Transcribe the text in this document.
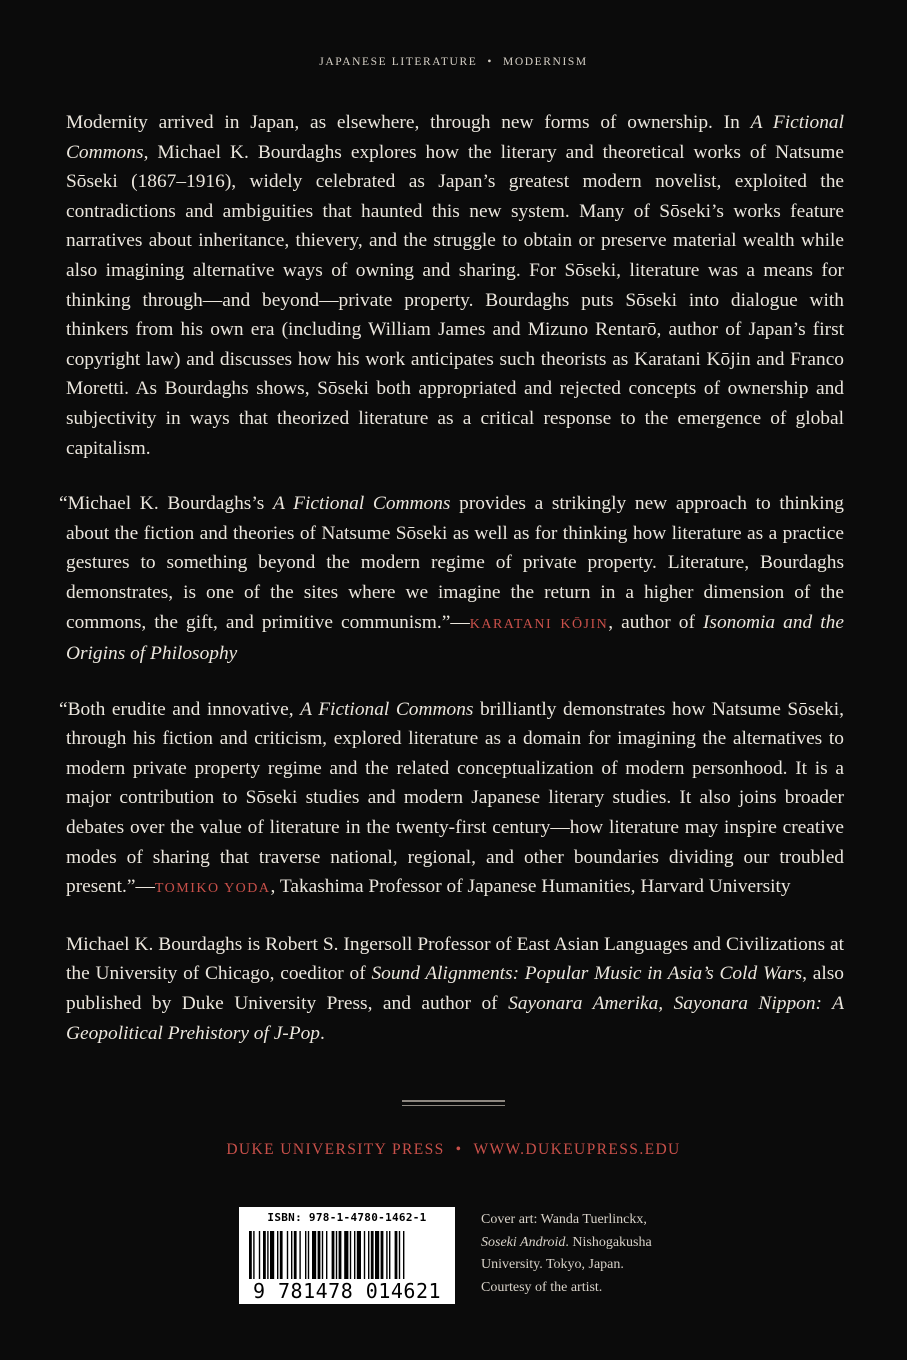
JAPANESE LITERATURE • MODERNISM

Modernity arrived in Japan, as elsewhere, through new forms of ownership. In A Fictional Commons, Michael K. Bourdaghs explores how the literary and theoretical works of Natsume Sōseki (1867–1916), widely celebrated as Japan’s greatest modern novelist, exploited the contradictions and ambiguities that haunted this new system. Many of Sōseki’s works feature narratives about inheritance, thievery, and the struggle to obtain or preserve material wealth while also imagining alternative ways of owning and sharing. For Sōseki, literature was a means for thinking through—and beyond—private property. Bourdaghs puts Sōseki into dialogue with thinkers from his own era (including William James and Mizuno Rentarō, author of Japan’s first copyright law) and discusses how his work anticipates such theorists as Karatani Kōjin and Franco Moretti. As Bourdaghs shows, Sōseki both appropriated and rejected concepts of ownership and subjectivity in ways that theorized literature as a critical response to the emergence of global capitalism.

“Michael K. Bourdaghs’s A Fictional Commons provides a strikingly new approach to thinking about the fiction and theories of Natsume Sōseki as well as for thinking how literature as a practice gestures to something beyond the modern regime of private property. Literature, Bourdaghs demonstrates, is one of the sites where we imagine the return in a higher dimension of the commons, the gift, and primitive communism.”—KARATANI KŌJIN, author of Isonomia and the Origins of Philosophy

“Both erudite and innovative, A Fictional Commons brilliantly demonstrates how Natsume Sōseki, through his fiction and criticism, explored literature as a domain for imagining the alternatives to modern private property regime and the related conceptualization of modern personhood. It is a major contribution to Sōseki studies and modern Japanese literary studies. It also joins broader debates over the value of literature in the twenty-first century—how literature may inspire creative modes of sharing that traverse national, regional, and other boundaries dividing our troubled present.”—TOMIKO YODA, Takashima Professor of Japanese Humanities, Harvard University

Michael K. Bourdaghs is Robert S. Ingersoll Professor of East Asian Languages and Civilizations at the University of Chicago, coeditor of Sound Alignments: Popular Music in Asia’s Cold Wars, also published by Duke University Press, and author of Sayonara Amerika, Sayonara Nippon: A Geopolitical Prehistory of J-Pop.

DUKE UNIVERSITY PRESS • WWW.DUKEUPRESS.EDU
ISBN: 978-1-4780-1462-1
9 781478 014621
Cover art: Wanda Tuerlinckx,
Soseki Android. Nishogakusha
University. Tokyo, Japan.
Courtesy of the artist.
